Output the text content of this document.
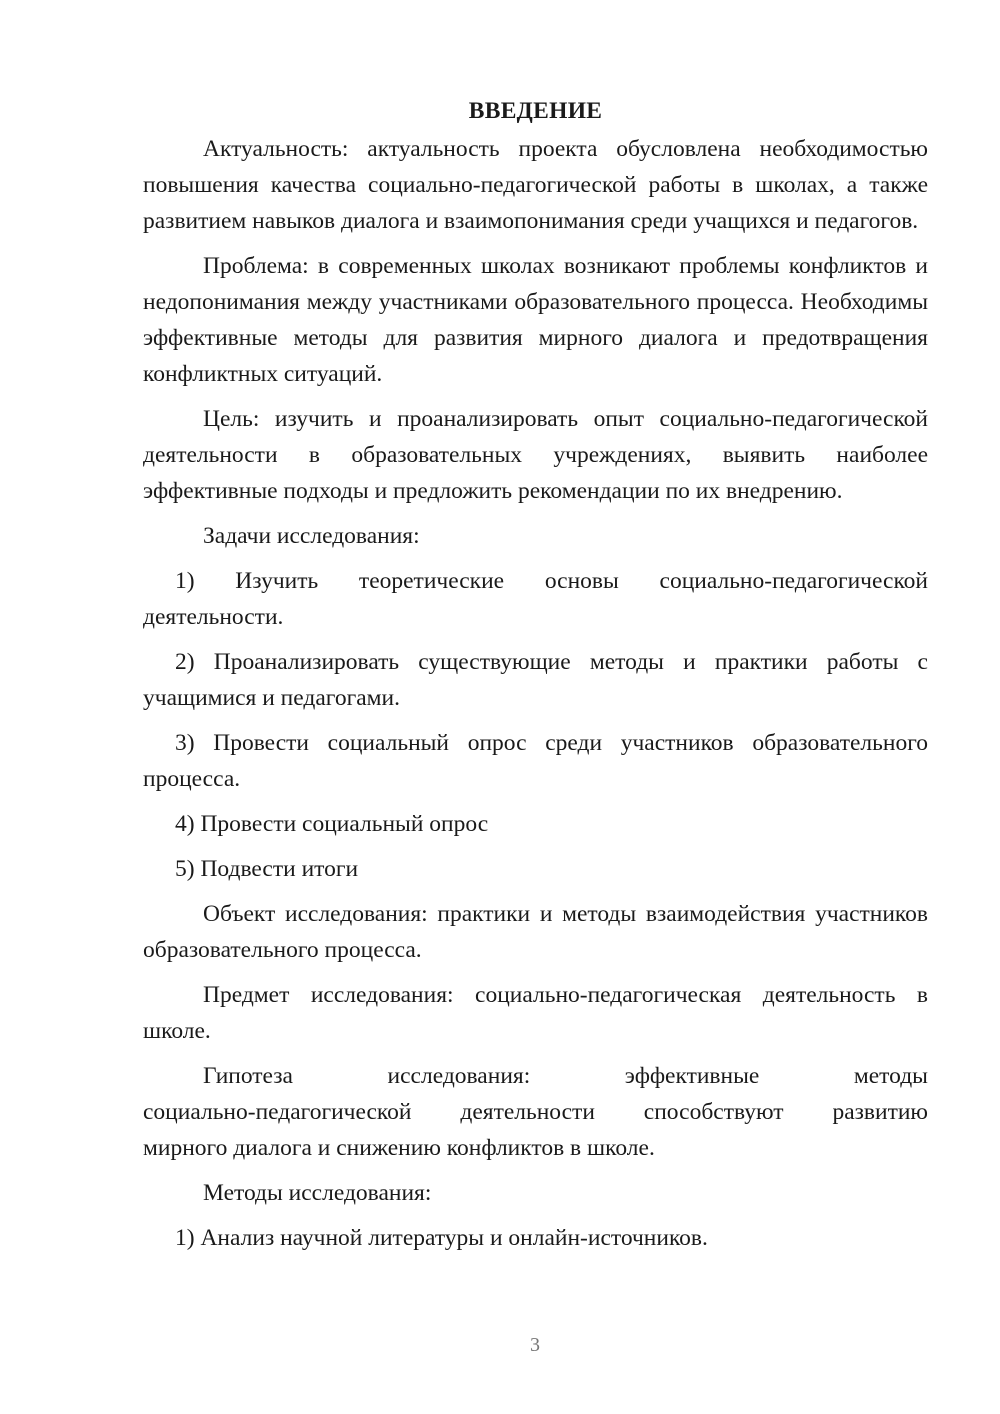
ВВЕДЕНИЕ

Актуальность: актуальность проекта обусловлена необходимостью повышения качества социально-педагогической работы в школах, а также развитием навыков диалога и взаимопонимания среди учащихся и педагогов.

Проблема: в современных школах возникают проблемы конфликтов и недопонимания между участниками образовательного процесса. Необходимы эффективные методы для развития мирного диалога и предотвращения конфликтных ситуаций.

Цель: изучить и проанализировать опыт социально-педагогической деятельности в образовательных учреждениях, выявить наиболее эффективные подходы и предложить рекомендации по их внедрению.

Задачи исследования:

1) Изучить теоретические основы социально-педагогической деятельности.

2) Проанализировать существующие методы и практики работы с учащимися и педагогами.

3) Провести социальный опрос среди участников образовательного процесса.

4) Провести социальный опрос

5) Подвести итоги

Объект исследования: практики и методы взаимодействия участников образовательного процесса.

Предмет исследования: социально-педагогическая деятельность в школе.

Гипотеза	исследования:	эффективные	методы
социально-педагогической деятельности способствуют развитию
мирного диалога и снижению конфликтов в школе.

Методы исследования:

1) Анализ научной литературы и онлайн-источников.

3
